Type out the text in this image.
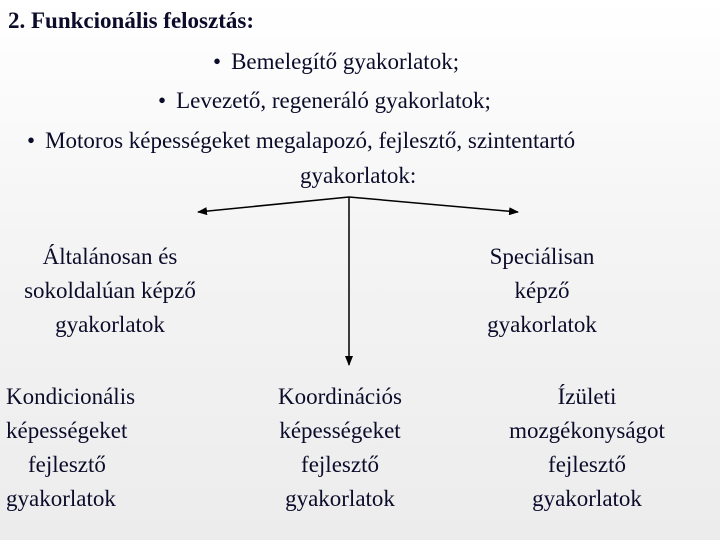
2. Funkcionális felosztás:
• Bemelegítő gyakorlatok;
• Levezető, regeneráló gyakorlatok;
• Motoros képességeket megalapozó, fejlesztő, szintentartó
gyakorlatok:
Általánosan és
sokoldalúan képző
gyakorlatok
Speciálisan
képző
gyakorlatok
Kondicionális
képességeket
fejlesztő
gyakorlatok
Koordinációs
képességeket
fejlesztő
gyakorlatok
Ízületi
mozgékonyságot
fejlesztő
gyakorlatok
